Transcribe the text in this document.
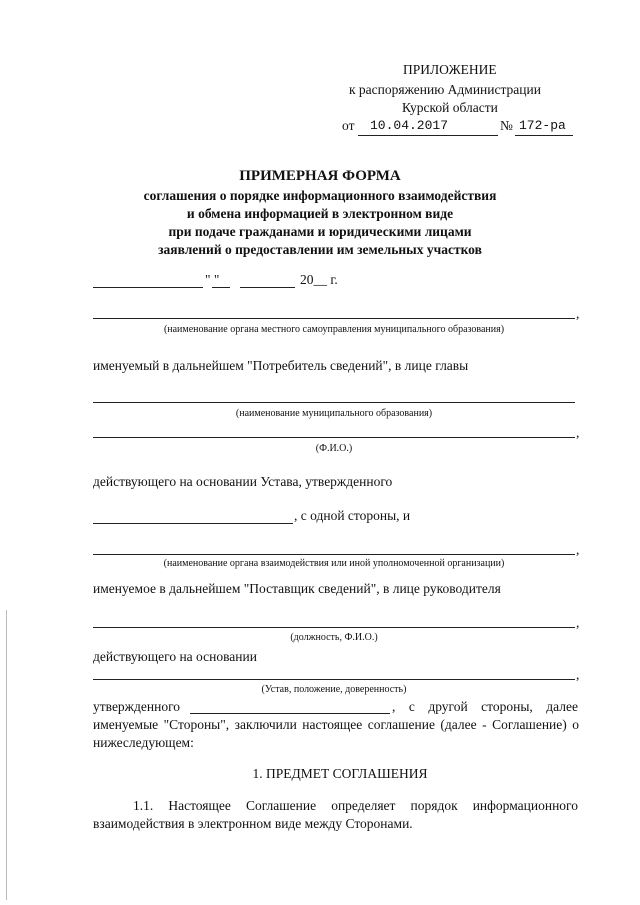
ПРИЛОЖЕНИЕ
к распоряжению Администрации
Курской области
от 10.04.2017	№ 172-ра
ПРИМЕРНАЯ ФОРМА
соглашения о порядке информационного взаимодействия
и обмена информацией в электронном виде
при подаче гражданами и юридическими лицами
заявлений о предоставлении им земельных участков
" "	20__ г.
,
(наименование органа местного самоуправления муниципального образования)
именуемый в дальнейшем "Потребитель сведений", в лице главы
(наименование муниципального образования)
,
(Ф.И.О.)
действующего на основании Устава, утвержденного
, с одной стороны, и
,
(наименование органа взаимодействия или иной уполномоченной организации)
именуемое в дальнейшем "Поставщик сведений", в лице руководителя
,
(должность, Ф.И.О.)
действующего на основании
,
(Устав, положение, доверенность)
утвержденного	, с другой стороны, далее
именуемые "Стороны", заключили настоящее соглашение (далее - Соглашение) о
нижеследующем:
1. ПРЕДМЕТ СОГЛАШЕНИЯ
1.1. Настоящее Соглашение определяет порядок информационного
взаимодействия в электронном виде между Сторонами.
